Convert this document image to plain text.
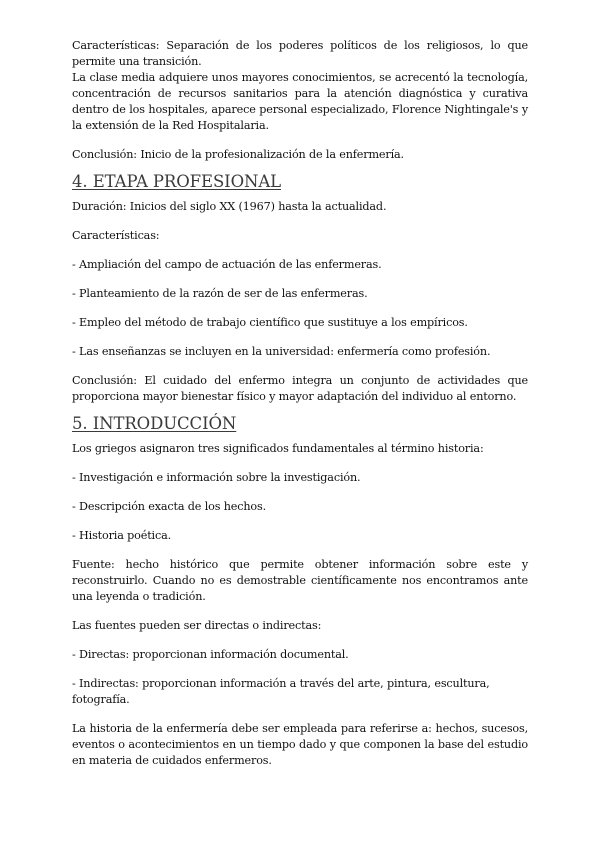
Características: Separación de los poderes políticos de los religiosos, lo que permite una transición.

La clase media adquiere unos mayores conocimientos, se acrecentó la tecnología, concentración de recursos sanitarios para la atención diagnóstica y curativa dentro de los hospitales, aparece personal especializado, Florence Nightingale's y la extensión de la Red Hospitalaria.

Conclusión: Inicio de la profesionalización de la enfermería.

4. ETAPA PROFESIONAL

Duración: Inicios del siglo XX (1967) hasta la actualidad.

Características:

- Ampliación del campo de actuación de las enfermeras.

- Planteamiento de la razón de ser de las enfermeras.

- Empleo del método de trabajo científico que sustituye a los empíricos.

- Las enseñanzas se incluyen en la universidad: enfermería como profesión.

Conclusión: El cuidado del enfermo integra un conjunto de actividades que proporciona mayor bienestar físico y mayor adaptación del individuo al entorno.

5. INTRODUCCIÓN

Los griegos asignaron tres significados fundamentales al término historia:

- Investigación e información sobre la investigación.

- Descripción exacta de los hechos.

- Historia poética.

Fuente: hecho histórico que permite obtener información sobre este y reconstruirlo. Cuando no es demostrable científicamente nos encontramos ante una leyenda o tradición.

Las fuentes pueden ser directas o indirectas:

- Directas: proporcionan información documental.

- Indirectas: proporcionan información a través del arte, pintura, escultura, fotografía.

La historia de la enfermería debe ser empleada para referirse a: hechos, sucesos, eventos o acontecimientos en un tiempo dado y que componen la base del estudio en materia de cuidados enfermeros.
